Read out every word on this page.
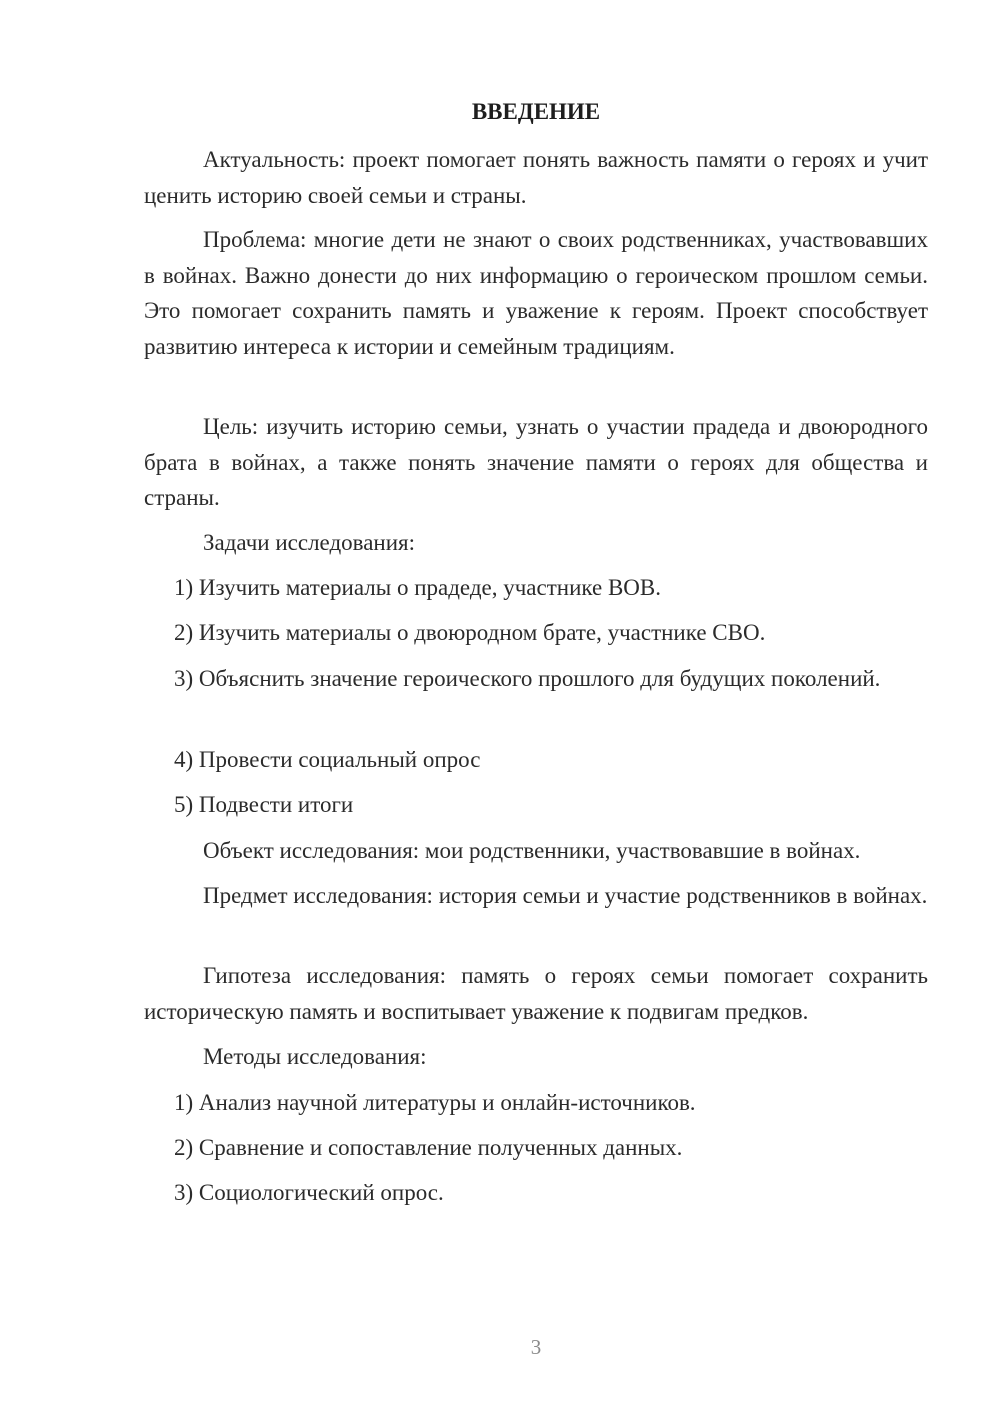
ВВЕДЕНИЕ

Актуальность: проект помогает понять важность памяти о героях и учит ценить историю своей семьи и страны.

Проблема: многие дети не знают о своих родственниках, участвовавших в войнах. Важно донести до них информацию о героическом прошлом семьи. Это помогает сохранить память и уважение к героям. Проект способствует развитию интереса к истории и семейным традициям.

Цель: изучить историю семьи, узнать о участии прадеда и двоюродного брата в войнах, а также понять значение памяти о героях для общества и страны.

Задачи исследования:

1) Изучить материалы о прадеде, участнике ВОВ.

2) Изучить материалы о двоюродном брате, участнике СВО.

3) Объяснить значение героического прошлого для будущих поколений.

4) Провести социальный опрос

5) Подвести итоги

Объект исследования: мои родственники, участвовавшие в войнах.

Предмет исследования: история семьи и участие родственников в войнах.

Гипотеза исследования: память о героях семьи помогает сохранить историческую память и воспитывает уважение к подвигам предков.

Методы исследования:

1) Анализ научной литературы и онлайн-источников.

2) Сравнение и сопоставление полученных данных.

3) Социологический опрос.

3
